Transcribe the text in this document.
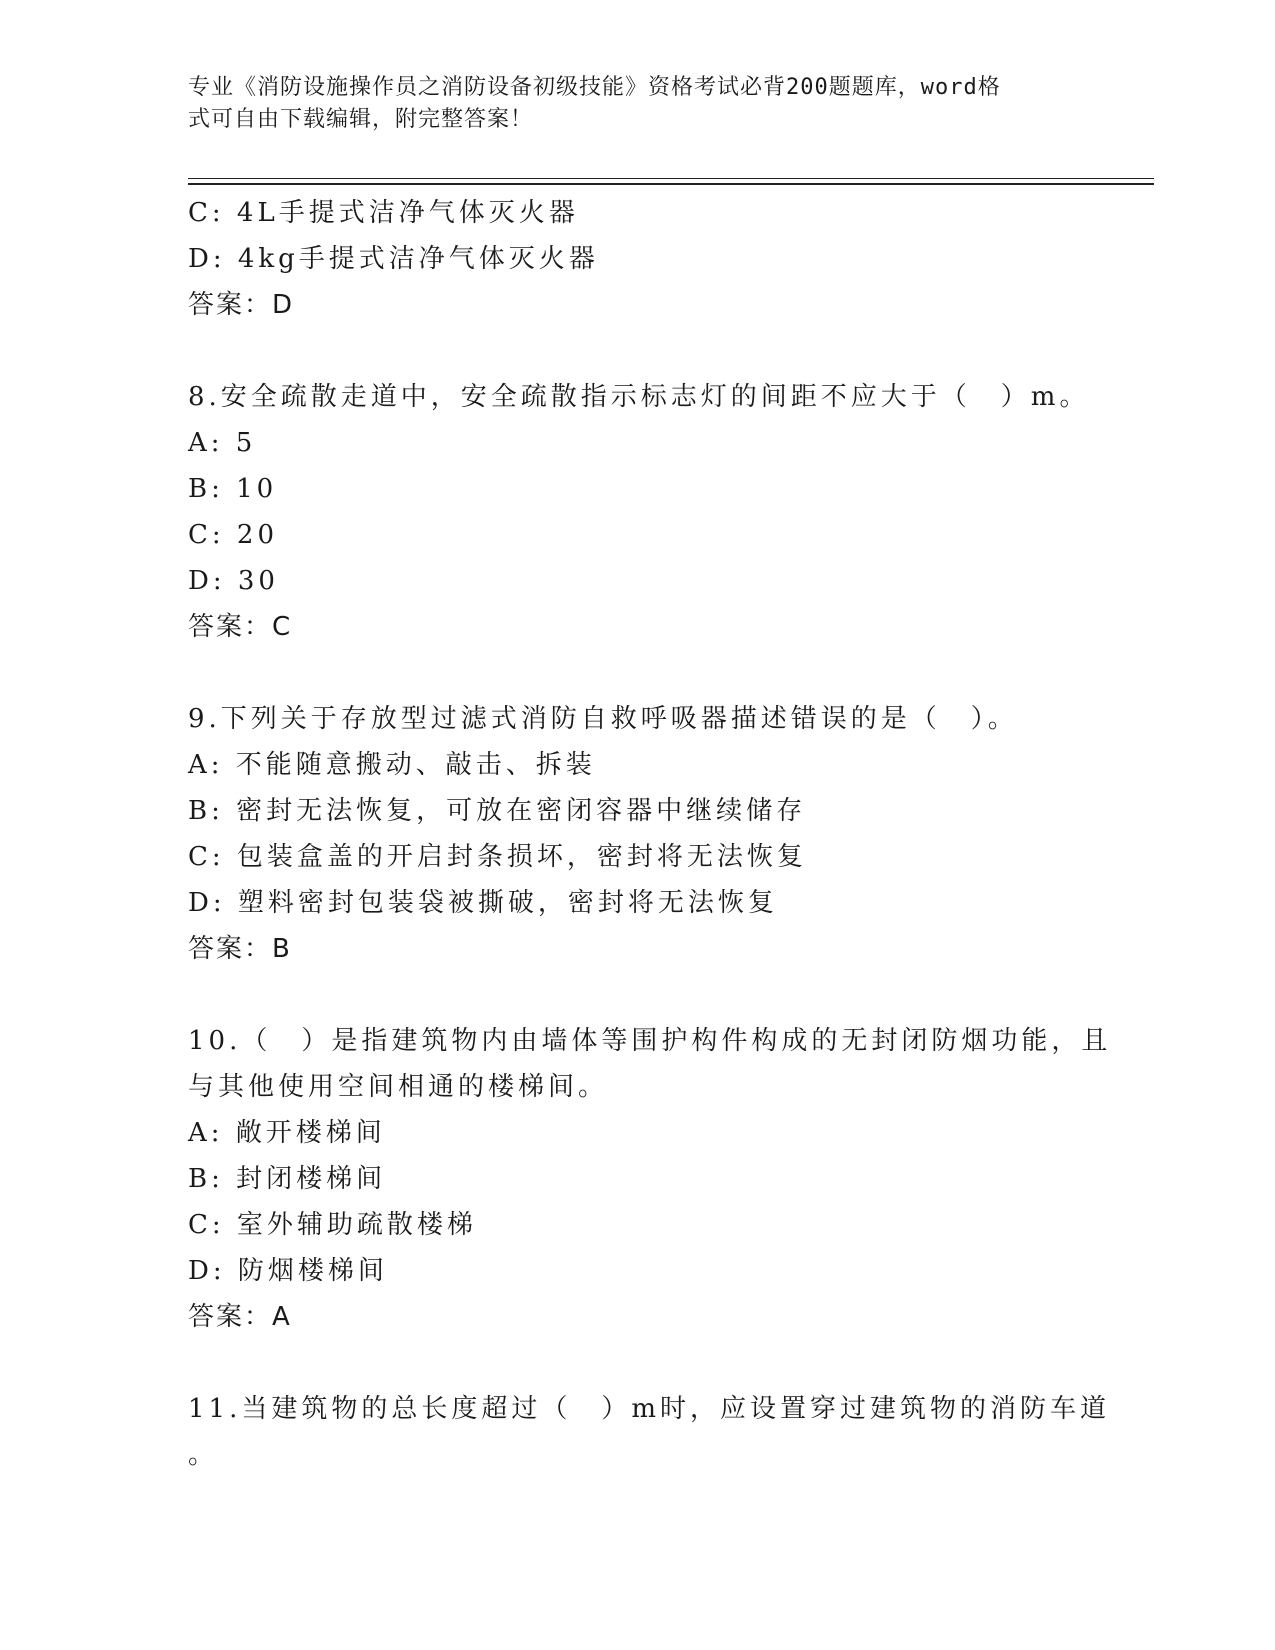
专业《消防设施操作员之消防设备初级技能》资格考试必背200题题库，word格
式可自由下载编辑，附完整答案！
C: 4L手提式洁净气体灭火器
D: 4kg手提式洁净气体灭火器
答案：D
8.安全疏散走道中，安全疏散指示标志灯的间距不应大于（　）m。
A: 5
B: 10
C: 20
D: 30
答案：C
9.下列关于存放型过滤式消防自救呼吸器描述错误的是（　）。
A: 不能随意搬动、敲击、拆装
B: 密封无法恢复，可放在密闭容器中继续储存
C: 包装盒盖的开启封条损坏，密封将无法恢复
D: 塑料密封包装袋被撕破，密封将无法恢复
答案：B
10.（　）是指建筑物内由墙体等围护构件构成的无封闭防烟功能，且
与其他使用空间相通的楼梯间。
A: 敞开楼梯间
B: 封闭楼梯间
C: 室外辅助疏散楼梯
D: 防烟楼梯间
答案：A
11.当建筑物的总长度超过（　）m时，应设置穿过建筑物的消防车道
。
